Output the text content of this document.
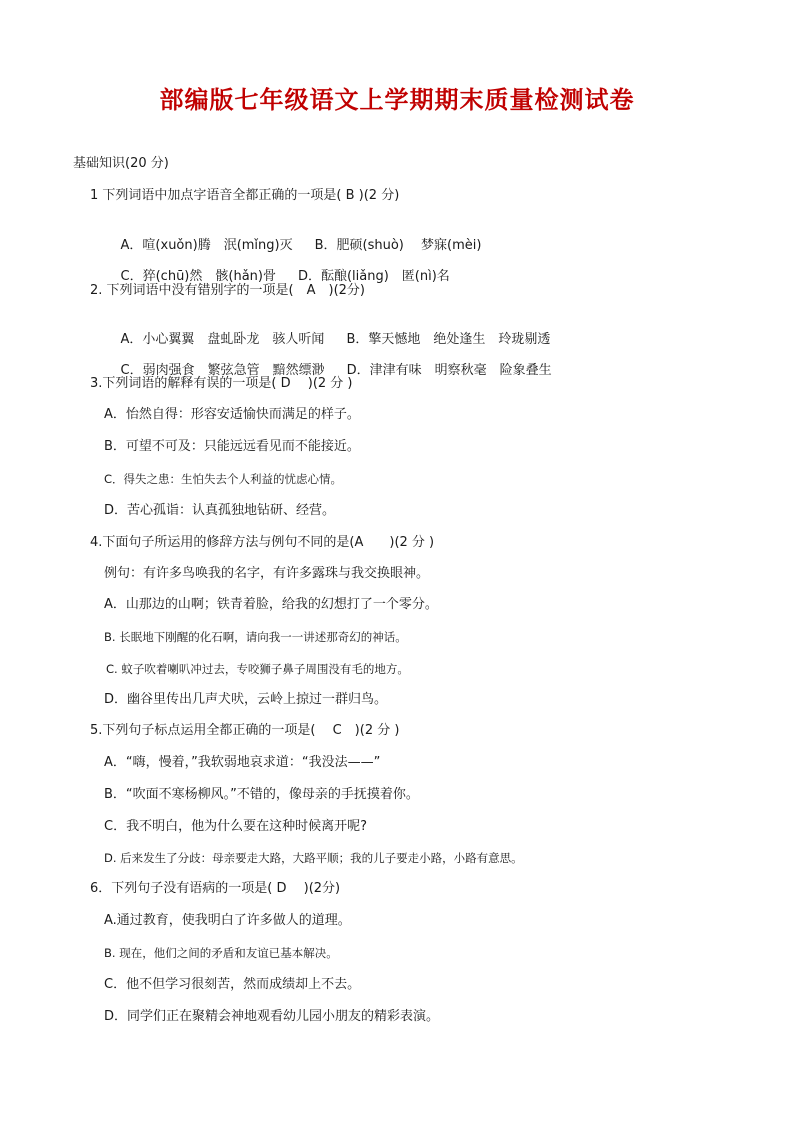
部编版七年级语文上学期期末质量检测试卷
基础知识(20 分)
1 下列词语中加点字语音全都正确的一项是( B )(2 分)

A．喧(xuǒn)腾　泯(mǐng)灭 B．肥硕(shuò)　 梦寐(mèi)

C．猝(chū)然　骸(hǎn)骨 D．酝酿(liǎng)　匿(nì)名

2. 下列词语中没有错别字的一项是(　A　)(2分)

A．小心翼翼　盘虬卧龙　骇人听闻 B．擎天憾地　绝处逢生　玲珑剔透

C．弱肉强食　繁弦急管　黯然缥渺 D．津津有味　明察秋毫　险象叠生

3.下列词语的解释有误的一项是( D　 )(2 分 )
A．怡然自得：形容安适愉快而满足的样子。
B．可望不可及：只能远远看见而不能接近。
C．得失之患：生怕失去个人利益的忧虑心情。
D．苦心孤诣：认真孤独地钻研、经营。
4.下面句子所运用的修辞方法与例句不同的是(A　　)(2 分 )
例句：有许多鸟唤我的名字，有许多露珠与我交换眼神。
A．山那边的山啊；铁青着脸，给我的幻想打了一个零分。
B. 长眠地下刚醒的化石啊，请向我一一讲述那奇幻的神话。
C. 蚊子吹着喇叭冲过去，专咬狮子鼻子周围没有毛的地方。
D．幽谷里传出几声犬吠，云岭上掠过一群归鸟。
5.下列句子标点运用全都正确的一项是(　 C　)(2 分 )
A．“嗨，慢着，”我软弱地哀求道：“我没法——”
B．“吹面不寒杨柳风。”不错的，像母亲的手抚摸着你。
C．我不明白，他为什么要在这种时候离开呢?
D. 后来发生了分歧：母亲要走大路，大路平顺；我的儿子要走小路，小路有意思。
6．下列句子没有语病的一项是( D　 )(2分)
A.通过教育，使我明白了许多做人的道理。
B. 现在，他们之间的矛盾和友谊已基本解决。
C．他不但学习很刻苦，然而成绩却上不去。
D．同学们正在聚精会神地观看幼儿园小朋友的精彩表演。
